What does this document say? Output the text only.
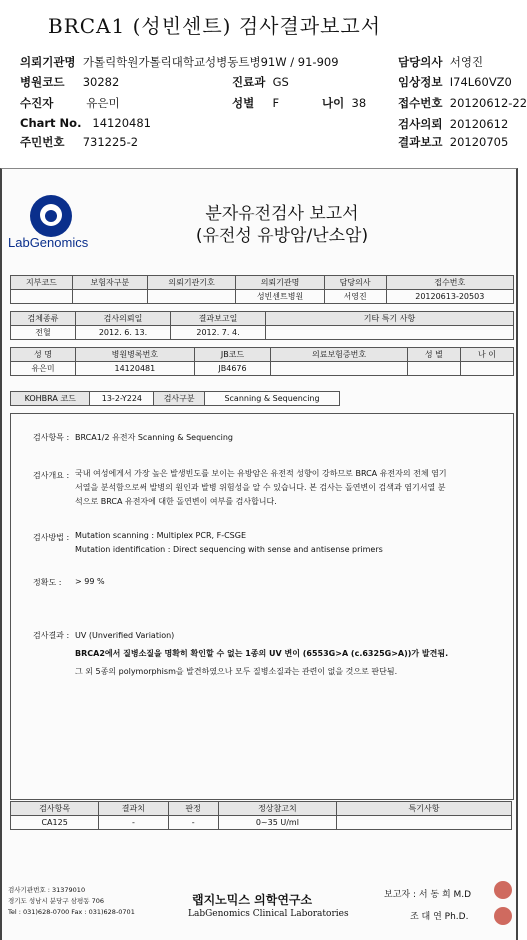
BRCA1 (성빈센트) 검사결과보고서
의뢰기관명 가톨릭학원가톨릭대학교성병동트병91W / 91-909	담당의사 서영진
병원코드 30282	진료과 GS	임상정보 I74L60VZ0
수진자	유은미	성별 F	나이 38	접수번호 20120612-22
Chart No. 14120481	검사의뢰 20120612
주민번호 731225-2	결과보고 20120705
LabGenomics
분자유전검사 보고서
(유전성 유방암/난소암)
지부코드	보험자구분	의뢰기관기호	의뢰기관명	담당의사	접수번호
			성빈센트병원	서영진	20120613-20503
검체종류	검사의뢰일	결과보고일	기타 특기 사항
전혈	2012. 6. 13.	2012. 7. 4.	
성 명	병원병록번호	JB코드	의료보험증번호	성 별	나 이
유은미	14120481	JB4676			
KOHBRA 코드	13-2-Y224	검사구분	Scanning & Sequencing
검사항목 : BRCA1/2 유전자 Scanning & Sequencing
검사개요 : 국내 여성에게서 가장 높은 발생빈도를 보이는 유방암은 유전적 성향이 강하므로 BRCA 유전자의 전체 염기
서열을 분석함으로써 발병의 원인과 발병 위험성을 알 수 있습니다. 본 검사는 돌연변이 검색과 염기서열 분
석으로 BRCA 유전자에 대한 돌연변이 여부를 검사합니다.
검사방법 : Mutation scanning : Multiplex PCR, F-CSGE
Mutation identification : Direct sequencing with sense and antisense primers
정확도 : > 99 %
검사결과 : UV (Unverified Variation)
BRCA2에서 질병소질을 명확히 확인할 수 없는 1종의 UV 변이 (6553G>A (c.6325G>A))가 발견됨.
그 외 5종의 polymorphism을 발견하였으나 모두 질병소질과는 관련이 없을 것으로 판단됨.
검사항목	결과치	판정	정상참고치	특기사항
CA125	-	-	0~35 U/ml	
검사기관번호 : 31379010
경기도 성남시 분당구 삼평동 706
Tel : 031)628-0700 Fax : 031)628-0701
랩지노믹스 의학연구소
LabGenomics Clinical Laboratories
보고자 : 서 동 희 M.D
조 대 연 Ph.D.
